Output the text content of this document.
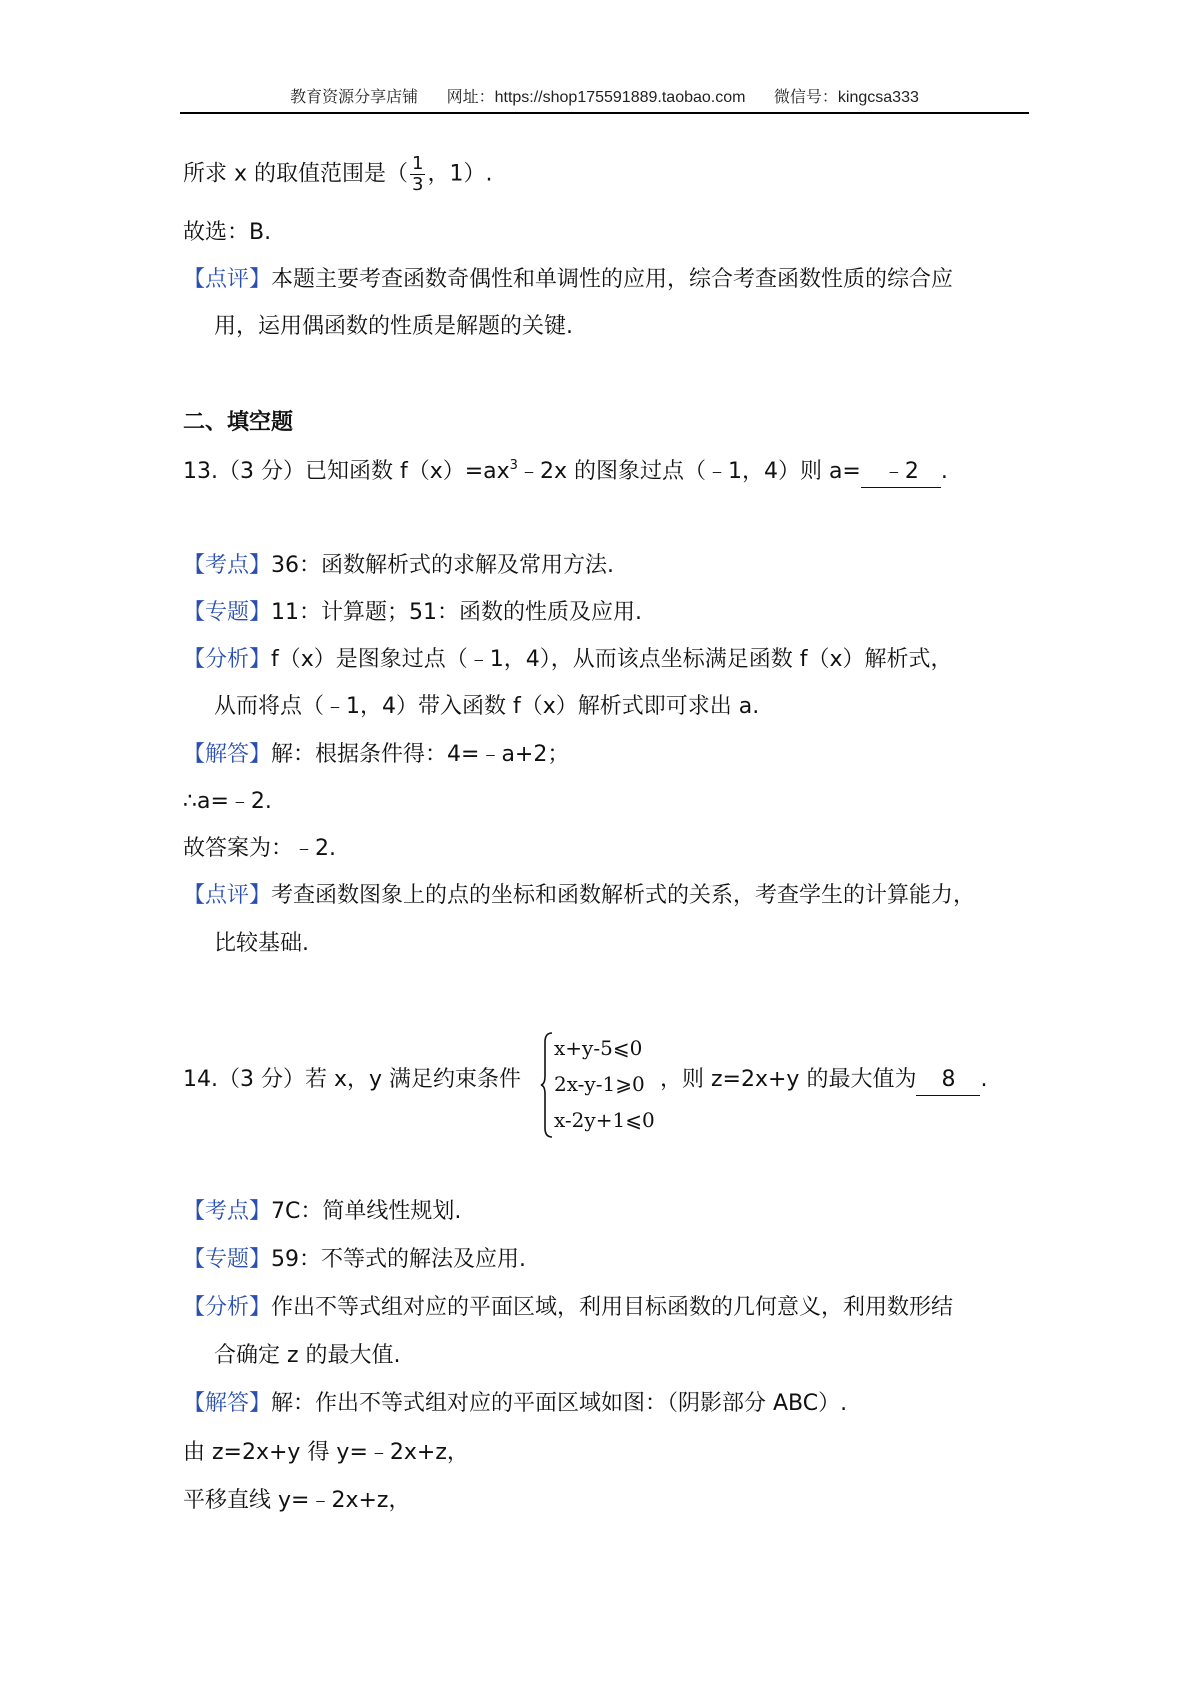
教育资源分享店铺 网址：https://shop175591889.taobao.com 微信号：kingcsa333
所求 x 的取值范围是（ $\frac{1}{3}$ ，1）.
故选：B.
【点评】本题主要考查函数奇偶性和单调性的应用，综合考查函数性质的综合应
用，运用偶函数的性质是解题的关键.
二、填空题
13.（3 分）已知函数 $f(x)=ax^3﹣2x$ 的图象过点（﹣1，4）则 a= ﹣2 .
【考点】36：函数解析式的求解及常用方法.
【专题】11：计算题；51：函数的性质及应用.
【分析】f（x）是图象过点（﹣1，4），从而该点坐标满足函数 f（x）解析式，
从而将点（﹣1，4）带入函数 f（x）解析式即可求出 a.
【解答】解：根据条件得：4=﹣a+2；
∴a=﹣2.
故答案为：﹣2.
【点评】考查函数图象上的点的坐标和函数解析式的关系，考查学生的计算能力，
比较基础.
14.（3 分）若 x，y 满足约束条件
x+y-5⩽0
2x-y-1⩾0
x-2y+1⩽0
，则 z=2x+y 的最大值为 8 .
【考点】7C：简单线性规划.
【专题】59：不等式的解法及应用.
【分析】作出不等式组对应的平面区域，利用目标函数的几何意义，利用数形结
合确定 z 的最大值.
【解答】解：作出不等式组对应的平面区域如图：（阴影部分 ABC）.
由 z=2x+y 得 y=﹣2x+z，
平移直线 y=﹣2x+z，
